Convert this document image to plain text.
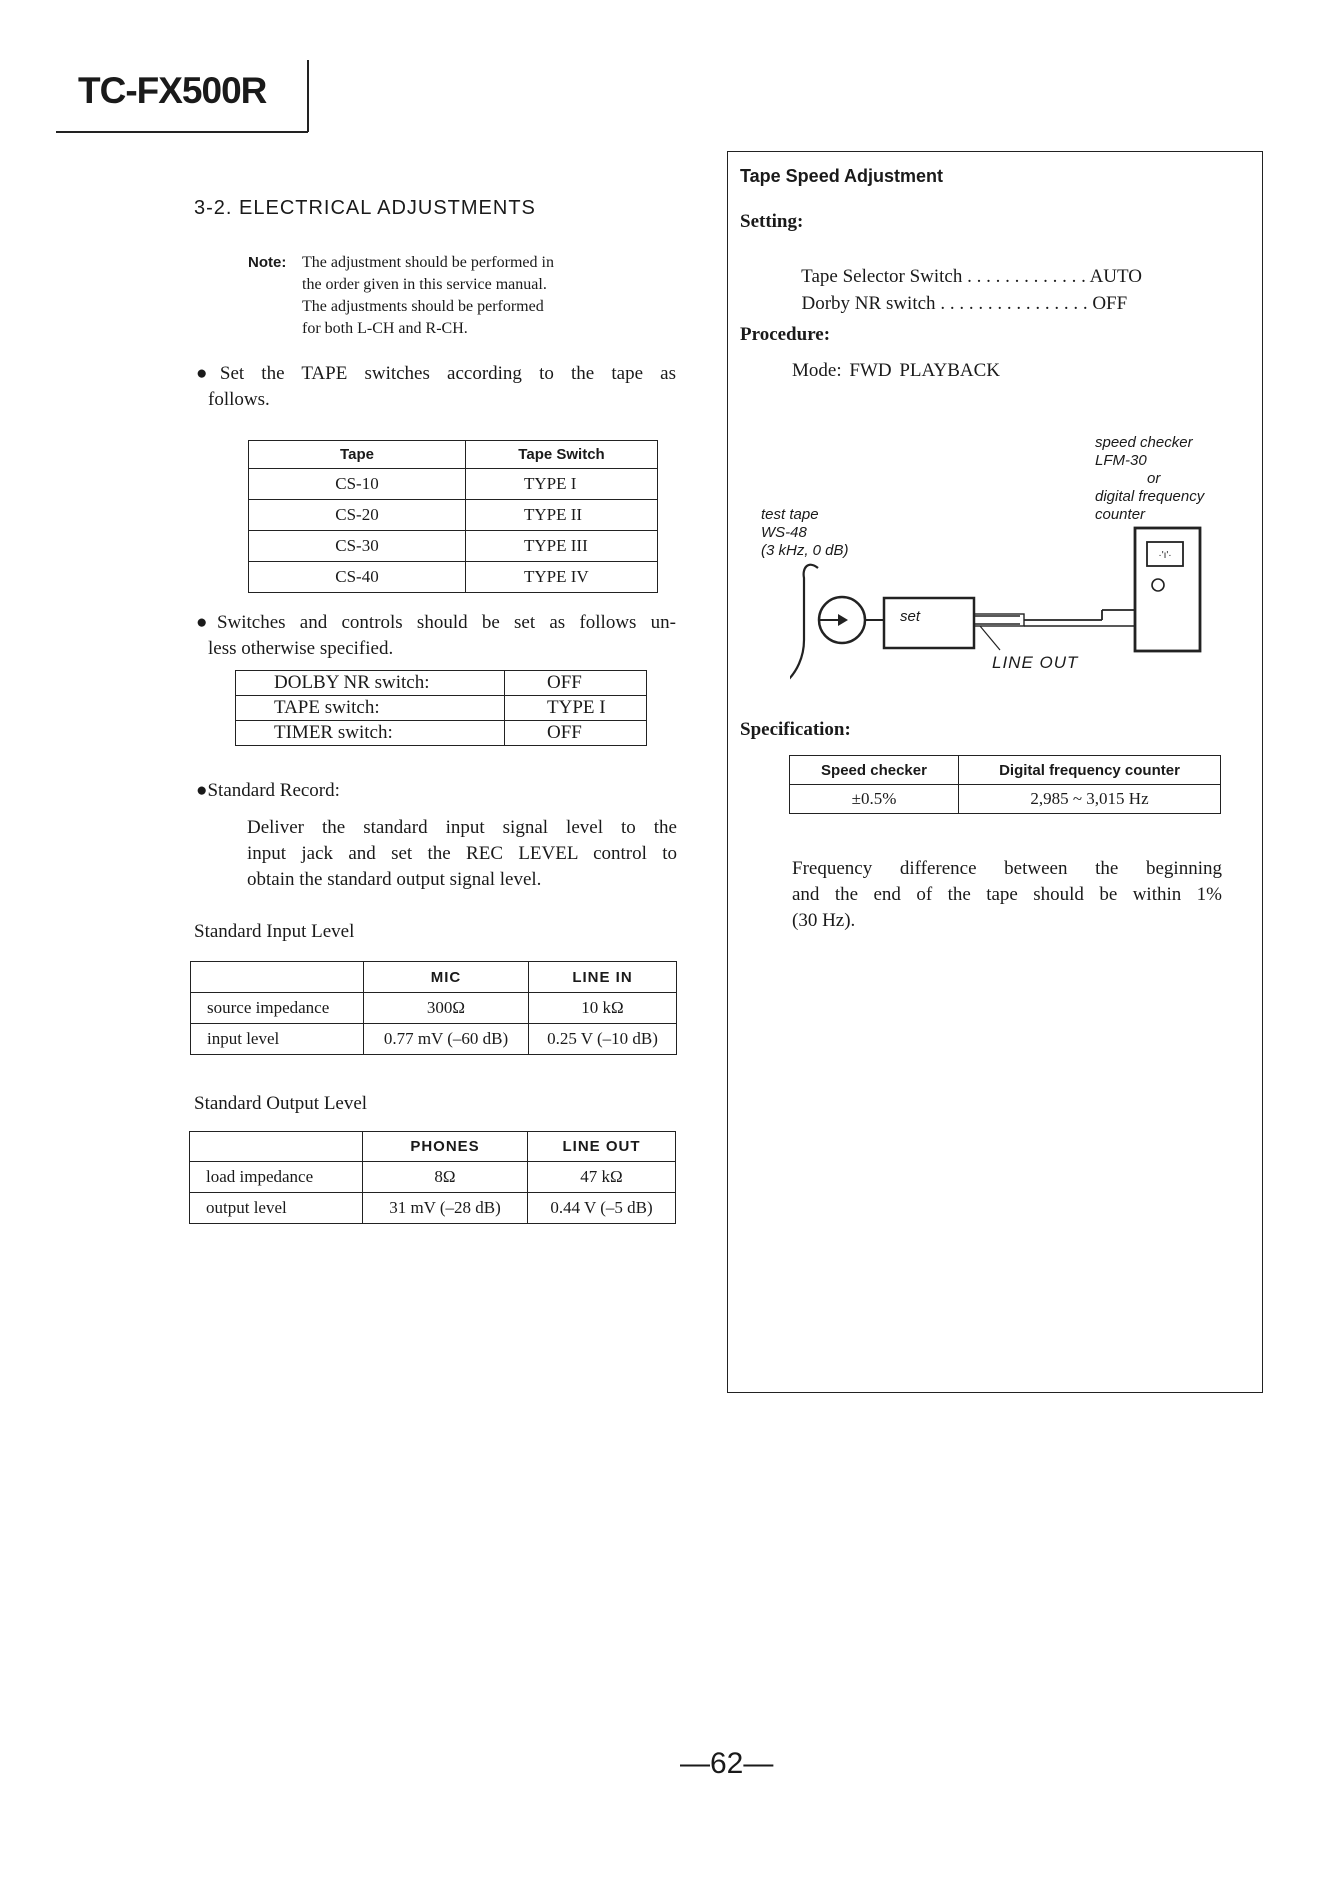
TC-FX500R
3-2. ELECTRICAL ADJUSTMENTS
Note: The adjustment should be performed in
the order given in this service manual.
The adjustments should be performed
for both L-CH and R-CH.
●Set the TAPE switches according to the tape as
follows.
Tape	Tape Switch
CS-10	TYPE I
CS-20	TYPE II
CS-30	TYPE III
CS-40	TYPE IV
●Switches and controls should be set as follows un-
less otherwise specified.
DOLBY NR switch:	OFF
TAPE switch:	TYPE I
TIMER switch:	OFF
●Standard Record:
Deliver the standard input signal level to the
input jack and set the REC LEVEL control to
obtain the standard output signal level.
Standard Input Level
	MIC	LINE IN
source impedance	300Ω	10 kΩ
input level	0.77 mV (–60 dB)	0.25 V (–10 dB)
Standard Output Level
	PHONES	LINE OUT
load impedance	8Ω	47 kΩ
output level	31 mV (–28 dB)	0.44 V (–5 dB)
Tape Speed Adjustment
Setting:

Tape Selector Switch . . . . . . . . . . . . . AUTO

Dorby NR switch . . . . . . . . . . . . . . . . OFF

Procedure:
Mode: FWD PLAYBACK
speed checker
LFM-30
or
digital frequency
counter
test tape
WS-48
(3 kHz, 0 dB)	·'ı'·
LINE OUT
set
Specification:
Speed checker	Digital frequency counter
±0.5%	2,985 ~ 3,015 Hz
Frequency difference between the beginning
and the end of the tape should be within 1%
(30 Hz).
—62—
